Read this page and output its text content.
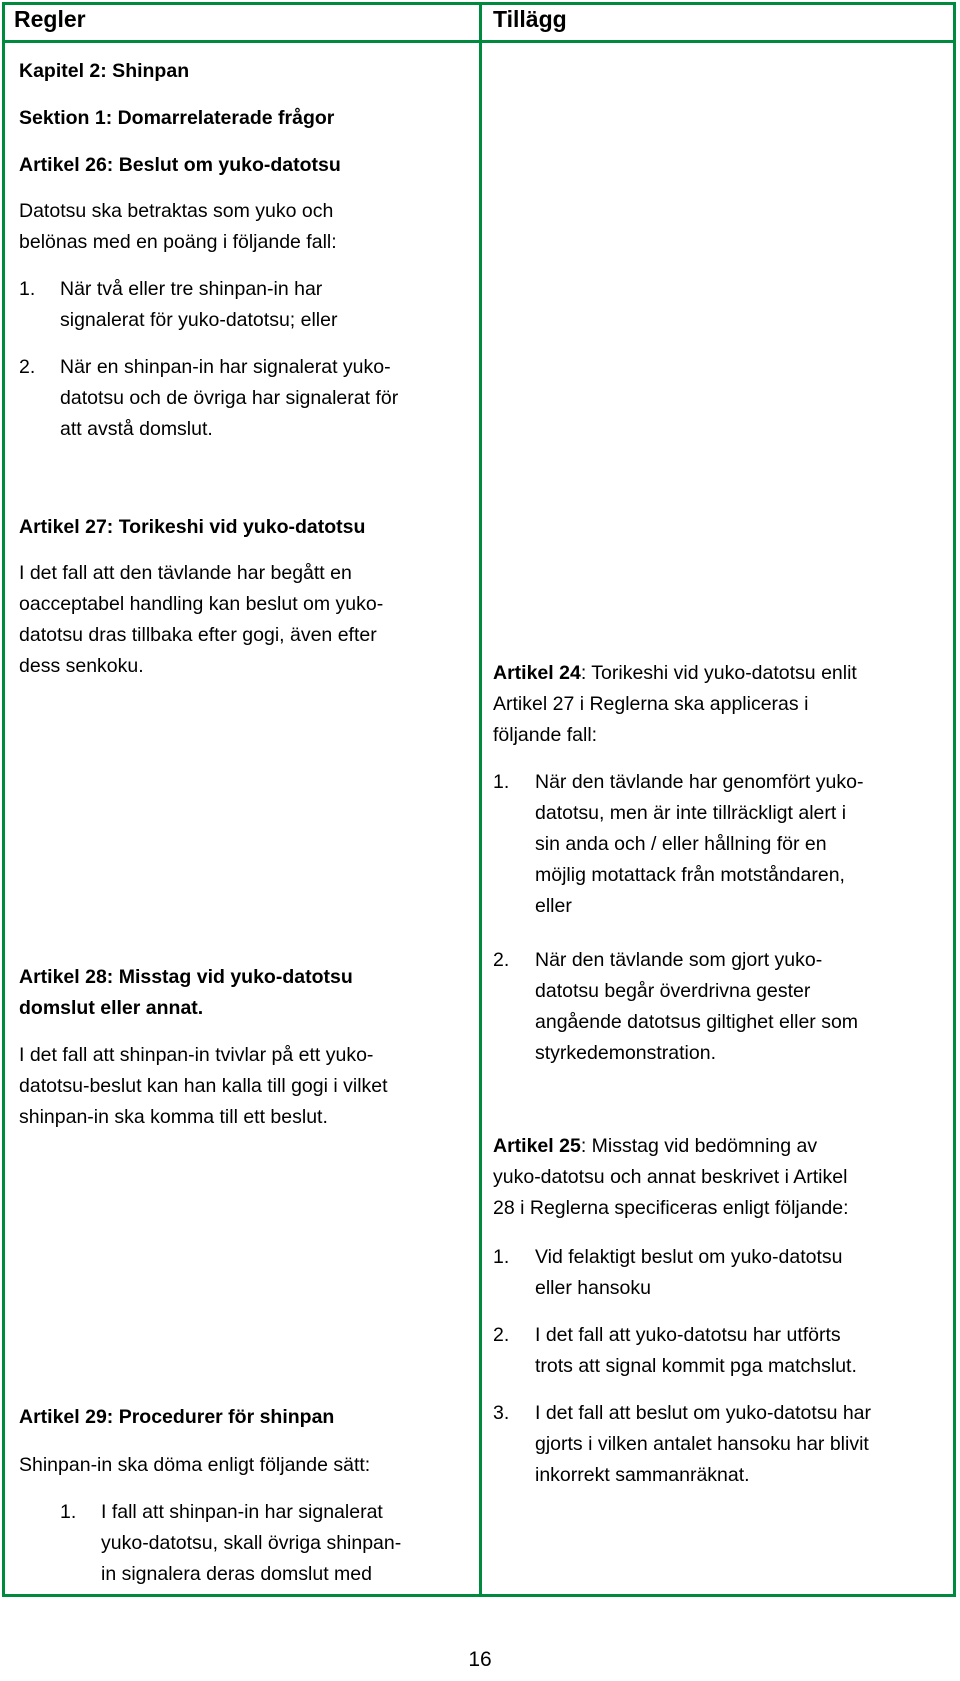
Regler	Tillägg
Kapitel 2: Shinpan
Sektion 1: Domarrelaterade frågor
Artikel 26: Beslut om yuko-datotsu
Datotsu ska betraktas som yuko och
belönas med en poäng i följande fall:
1. När två eller tre shinpan-in har
signalerat för yuko-datotsu; eller
2. När en shinpan-in har signalerat yuko-
datotsu och de övriga har signalerat för
att avstå domslut.
Artikel 27: Torikeshi vid yuko-datotsu
I det fall att den tävlande har begått en
oacceptabel handling kan beslut om yuko-
datotsu dras tillbaka efter gogi, även efter
dess senkoku.
Artikel 28: Misstag vid yuko-datotsu
domslut eller annat.
I det fall att shinpan-in tvivlar på ett yuko-
datotsu-beslut kan han kalla till gogi i vilket
shinpan-in ska komma till ett beslut.
Artikel 29: Procedurer för shinpan
Shinpan-in ska döma enligt följande sätt:
1. I fall att shinpan-in har signalerat
yuko-datotsu, skall övriga shinpan-
in signalera deras domslut med
Artikel 24: Torikeshi vid yuko-datotsu enlit
Artikel 27 i Reglerna ska appliceras i
följande fall:
1. När den tävlande har genomfört yuko-
datotsu, men är inte tillräckligt alert i
sin anda och / eller hållning för en
möjlig motattack från motståndaren,
eller
2. När den tävlande som gjort yuko-
datotsu begår överdrivna gester
angående datotsus giltighet eller som
styrkedemonstration.
Artikel 25: Misstag vid bedömning av
yuko-datotsu och annat beskrivet i Artikel
28 i Reglerna specificeras enligt följande:
1. Vid felaktigt beslut om yuko-datotsu
eller hansoku
2. I det fall att yuko-datotsu har utförts
trots att signal kommit pga matchslut.
3. I det fall att beslut om yuko-datotsu har
gjorts i vilken antalet hansoku har blivit
inkorrekt sammanräknat.
16
